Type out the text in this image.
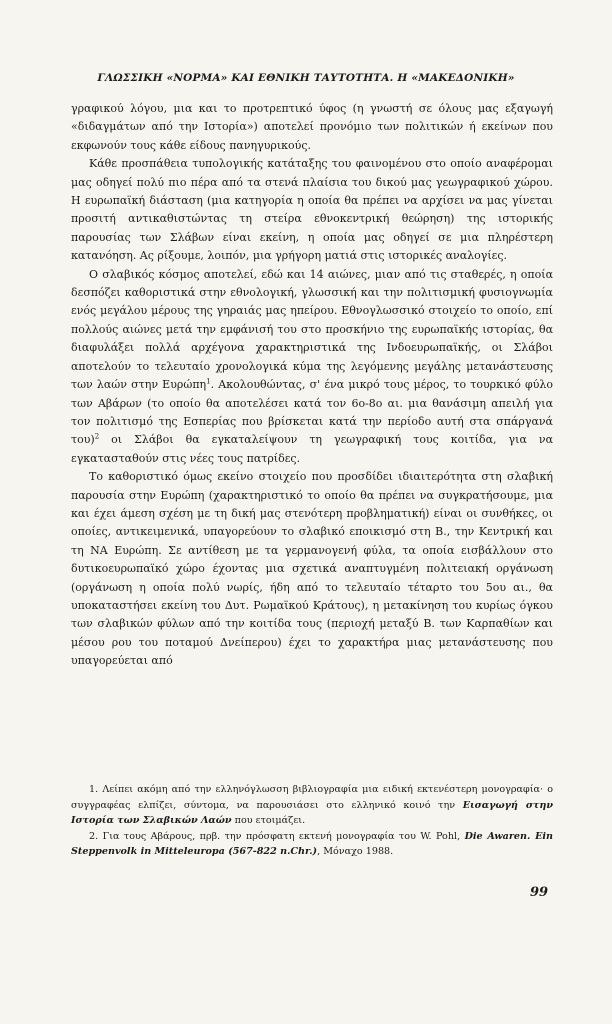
ΓΛΩΣΣΙΚΗ «ΝΟΡΜΑ» ΚΑΙ ΕΘΝΙΚΗ ΤΑΥΤΟΤΗΤΑ. Η «ΜΑΚΕΔΟΝΙΚΗ»

γραφικού λόγου, μια και το προτρεπτικό ύφος (η γνωστή σε όλους μας εξαγωγή «διδαγμάτων από την Ιστορία») αποτελεί προνόμιο των πολιτικών ή εκείνων που εκφωνούν τους κάθε είδους πανηγυρικούς.

Κάθε προσπάθεια τυπολογικής κατάταξης του φαινομένου στο οποίο αναφέρομαι μας οδηγεί πολύ πιο πέρα από τα στενά πλαίσια του δικού μας γεωγραφικού χώρου. Η ευρωπαϊκή διάσταση (μια κατηγορία η οποία θα πρέπει να αρχίσει να μας γίνεται προσιτή αντικαθιστώντας τη στείρα εθνοκεντρική θεώρηση) της ιστορικής παρουσίας των Σλάβων είναι εκείνη, η οποία μας οδηγεί σε μια πληρέστερη κατανόηση. Ας ρίξουμε, λοιπόν, μια γρήγορη ματιά στις ιστορικές αναλογίες.

Ο σλαβικός κόσμος αποτελεί, εδώ και 14 αιώνες, μιαν από τις σταθερές, η οποία δεσπόζει καθοριστικά στην εθνολογική, γλωσσική και την πολιτισμική φυσιογνωμία ενός μεγάλου μέρους της γηραιάς μας ηπείρου. Εθνογλωσσικό στοιχείο το οποίο, επί πολλούς αιώνες μετά την εμφάνισή του στο προσκήνιο της ευρωπαϊκής ιστορίας, θα διαφυλάξει πολλά αρχέγονα χαρακτηριστικά της Ινδοευρωπαϊκής, οι Σλάβοι αποτελούν το τελευταίο χρονολογικά κύμα της λεγόμενης μεγάλης μετανάστευσης των λαών στην Ευρώπη$^1$. Ακολουθώντας, σ' ένα μικρό τους μέρος, το τουρκικό φύλο των Αβάρων (το οποίο θα αποτελέσει κατά τον 6ο-8ο αι. μια θανάσιμη απειλή για τον πολιτισμό της Εσπερίας που βρίσκεται κατά την περίοδο αυτή στα σπάργανά του)$^2$ οι Σλάβοι θα εγκαταλείψουν τη γεωγραφική τους κοιτίδα, για να εγκατασταθούν στις νέες τους πατρίδες.

Το καθοριστικό όμως εκείνο στοιχείο που προσδίδει ιδιαιτερότητα στη σλαβική παρουσία στην Ευρώπη (χαρακτηριστικό το οποίο θα πρέπει να συγκρατήσουμε, μια και έχει άμεση σχέση με τη δική μας στενότερη προβληματική) είναι οι συνθήκες, οι οποίες, αντικειμενικά, υπαγορεύουν το σλαβικό εποικισμό στη Β., την Κεντρική και τη ΝΑ Ευρώπη. Σε αντίθεση με τα γερμανογενή φύλα, τα οποία εισβάλλουν στο δυτικοευρωπαϊκό χώρο έχοντας μια σχετικά αναπτυγμένη πολιτειακή οργάνωση (οργάνωση η οποία πολύ νωρίς, ήδη από το τελευταίο τέταρτο του 5ου αι., θα υποκαταστήσει εκείνη του Δυτ. Ρωμαϊκού Κράτους), η μετακίνηση του κυρίως όγκου των σλαβικών φύλων από την κοιτίδα τους (περιοχή μεταξύ Β. των Καρπαθίων και μέσου ρου του ποταμού Δνείπερου) έχει το χαρακτήρα μιας μετανάστευσης που υπαγορεύεται από

1. Λείπει ακόμη από την ελληνόγλωσση βιβλιογραφία μια ειδική εκτενέστερη μονογραφία· ο συγγραφέας ελπίζει, σύντομα, να παρουσιάσει στο ελληνικό κοινό την Εισαγωγή στην Ιστορία των Σλαβικών Λαών που ετοιμάζει.

2. Για τους Αβάρους, πρβ. την πρόσφατη εκτενή μονογραφία του W. Pohl, Die Awaren. Ein Steppenvolk in Mitteleuropa (567-822 n.Chr.), Μόναχο 1988.

99
